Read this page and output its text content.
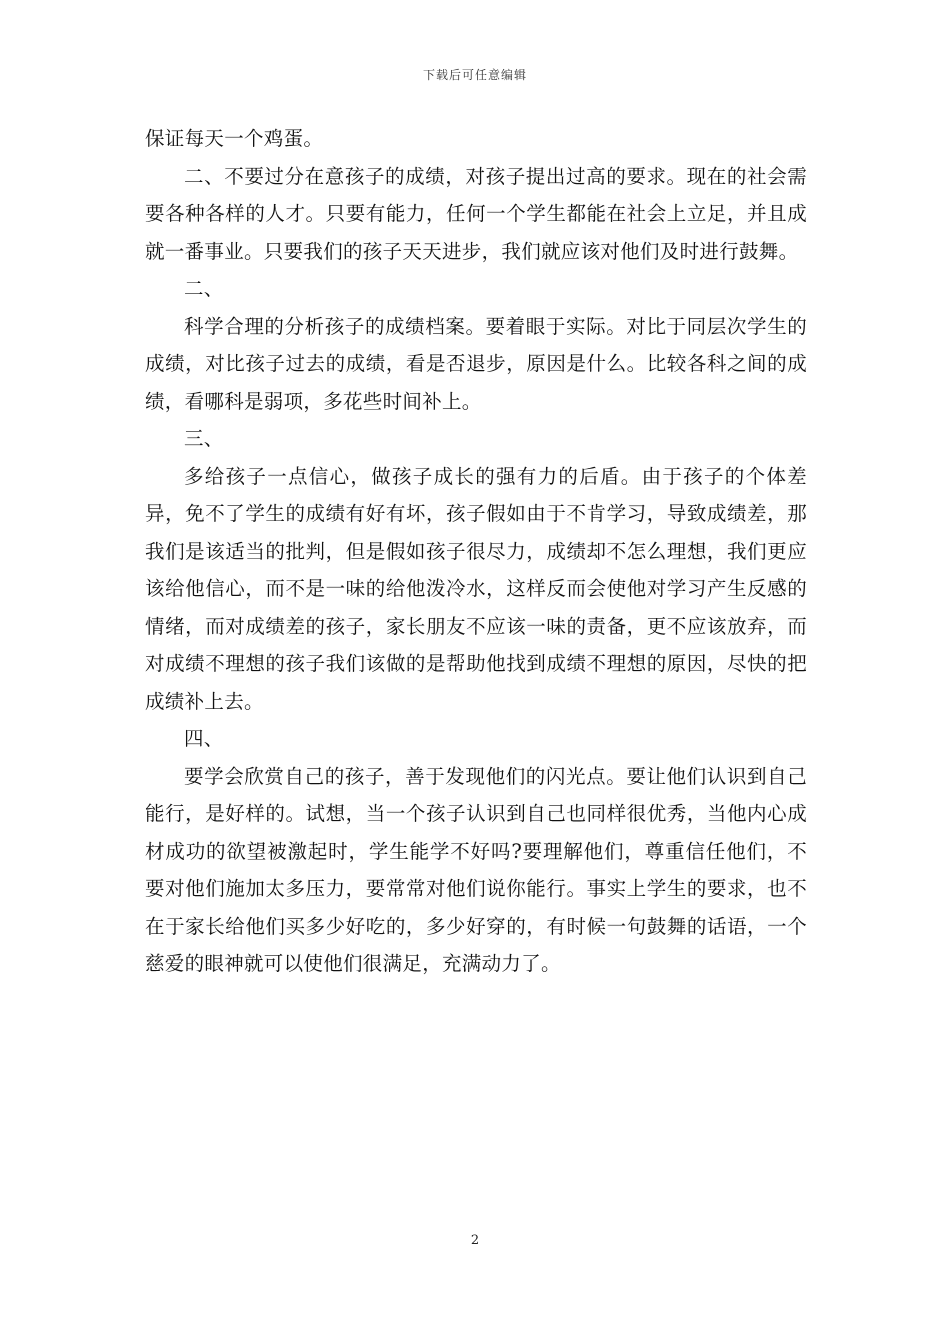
下载后可任意编辑

保证每天一个鸡蛋。

二、不要过分在意孩子的成绩，对孩子提出过高的要求。现在的社会需要各种各样的人才。只要有能力，任何一个学生都能在社会上立足，并且成就一番事业。只要我们的孩子天天进步，我们就应该对他们及时进行鼓舞。

二、

科学合理的分析孩子的成绩档案。要着眼于实际。对比于同层次学生的成绩，对比孩子过去的成绩，看是否退步，原因是什么。比较各科之间的成绩，看哪科是弱项，多花些时间补上。

三、

多给孩子一点信心，做孩子成长的强有力的后盾。由于孩子的个体差异，免不了学生的成绩有好有坏，孩子假如由于不肯学习，导致成绩差，那我们是该适当的批判，但是假如孩子很尽力，成绩却不怎么理想，我们更应该给他信心，而不是一味的给他泼冷水，这样反而会使他对学习产生反感的情绪，而对成绩差的孩子，家长朋友不应该一味的责备，更不应该放弃，而对成绩不理想的孩子我们该做的是帮助他找到成绩不理想的原因，尽快的把成绩补上去。

四、

要学会欣赏自己的孩子，善于发现他们的闪光点。要让他们认识到自己能行，是好样的。试想，当一个孩子认识到自己也同样很优秀，当他内心成材成功的欲望被激起时，学生能学不好吗?要理解他们，尊重信任他们，不要对他们施加太多压力，要常常对他们说你能行。事实上学生的要求，也不在于家长给他们买多少好吃的，多少好穿的，有时候一句鼓舞的话语，一个慈爱的眼神就可以使他们很满足，充满动力了。

2
